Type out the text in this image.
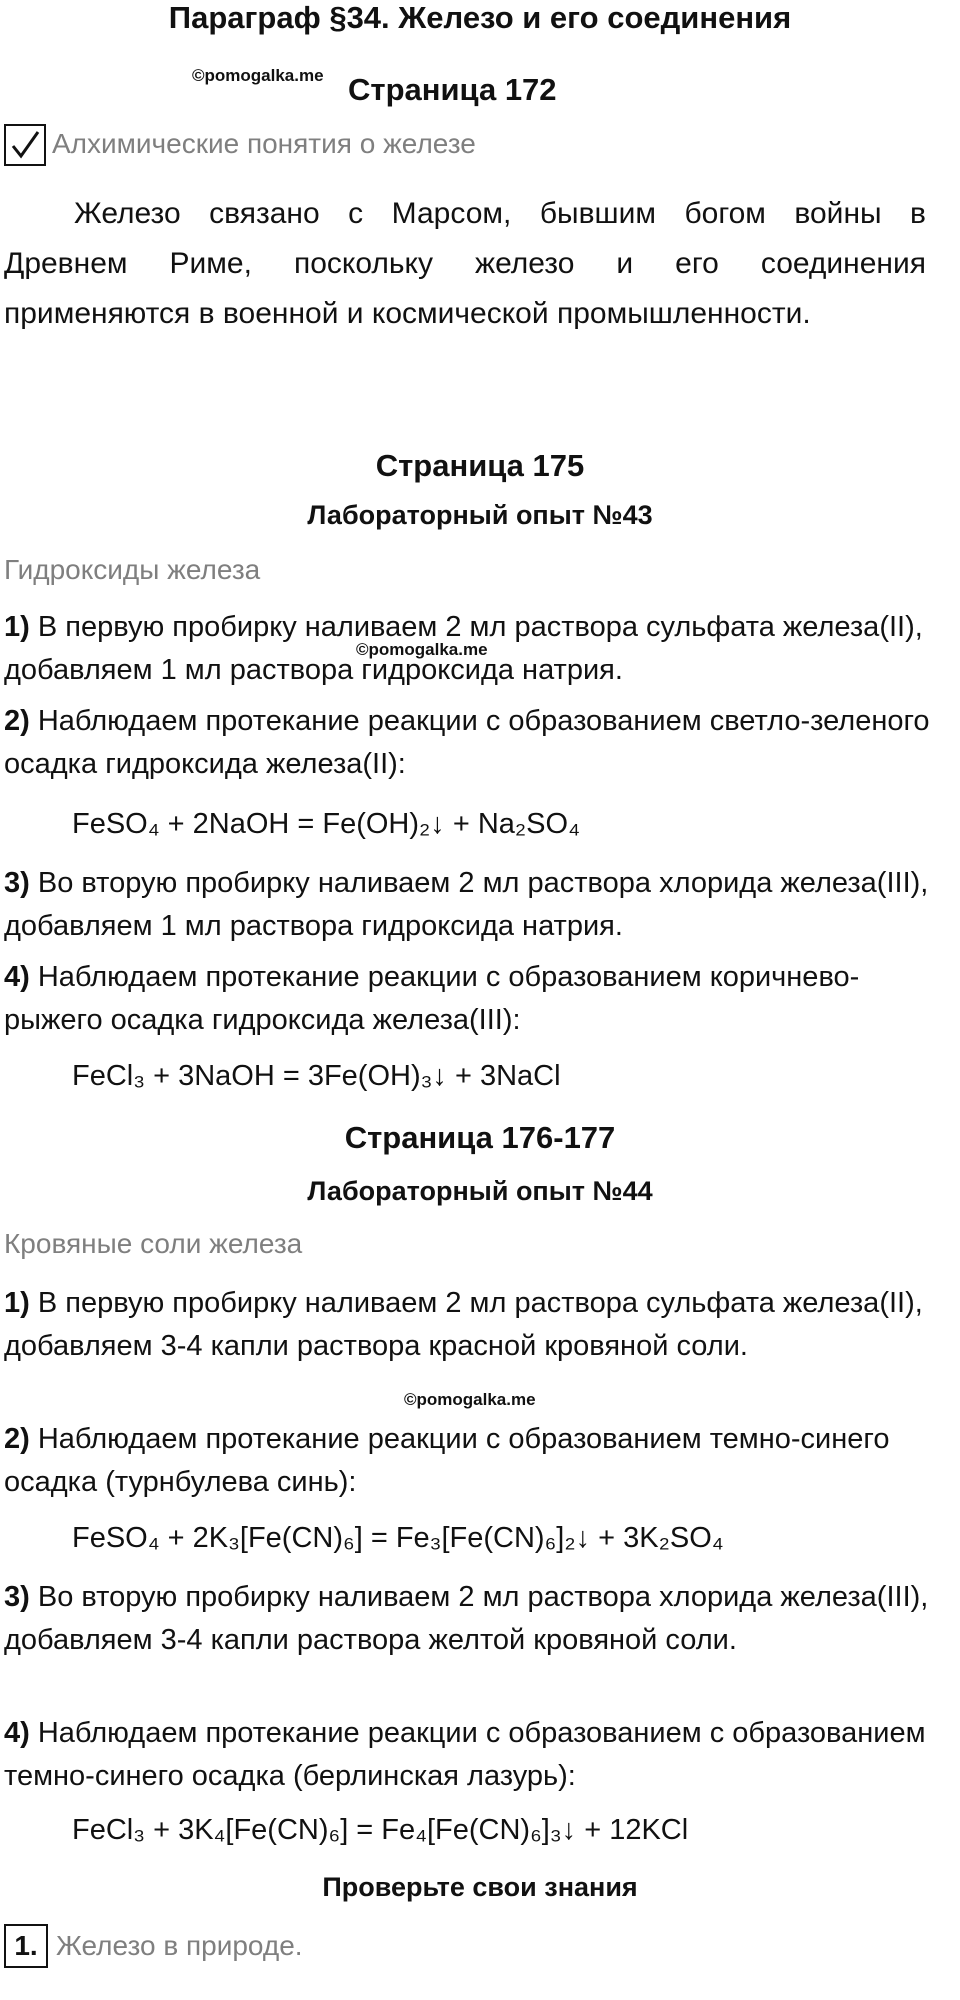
Параграф §34. Железо и его соединения
©pomogalka.me Страница 172
Алхимические понятия о железе
Железо связано с Марсом, бывшим богом войны в
Древнем Риме, поскольку железо и его соединения
применяются в военной и космической промышленности.
Страница 175
Лабораторный опыт №43
Гидроксиды железа
1) В первую пробирку наливаем 2 мл раствора сульфата железа(II), добавляем 1 мл раствора гидроксида натрия.
©pomogalka.me
2) Наблюдаем протекание реакции с образованием светло-зеленого осадка гидроксида железа(II):
FeSO₄ + 2NaOH = Fe(OH)₂↓ + Na₂SO₄
3) Во вторую пробирку наливаем 2 мл раствора хлорида железа(III), добавляем 1 мл раствора гидроксида натрия.
4) Наблюдаем протекание реакции с образованием коричнево-рыжего осадка гидроксида железа(III):
FeCl₃ + 3NaOH = 3Fe(OH)₃↓ + 3NaCl
Страница 176-177
Лабораторный опыт №44
Кровяные соли железа
1) В первую пробирку наливаем 2 мл раствора сульфата железа(II), добавляем 3-4 капли раствора красной кровяной соли.
©pomogalka.me
2) Наблюдаем протекание реакции с образованием темно-синего осадка (турнбулева синь):
FeSO₄ + 2K₃[Fe(CN)₆] = Fe₃[Fe(CN)₆]₂↓ + 3K₂SO₄
3) Во вторую пробирку наливаем 2 мл раствора хлорида железа(III), добавляем 3-4 капли раствора желтой кровяной соли.
4) Наблюдаем протекание реакции с образованием с образованием темно-синего осадка (берлинская лазурь):
FeCl₃ + 3K₄[Fe(CN)₆] = Fe₄[Fe(CN)₆]₃↓ + 12KCl
Проверьте свои знания
1. Железо в природе.
